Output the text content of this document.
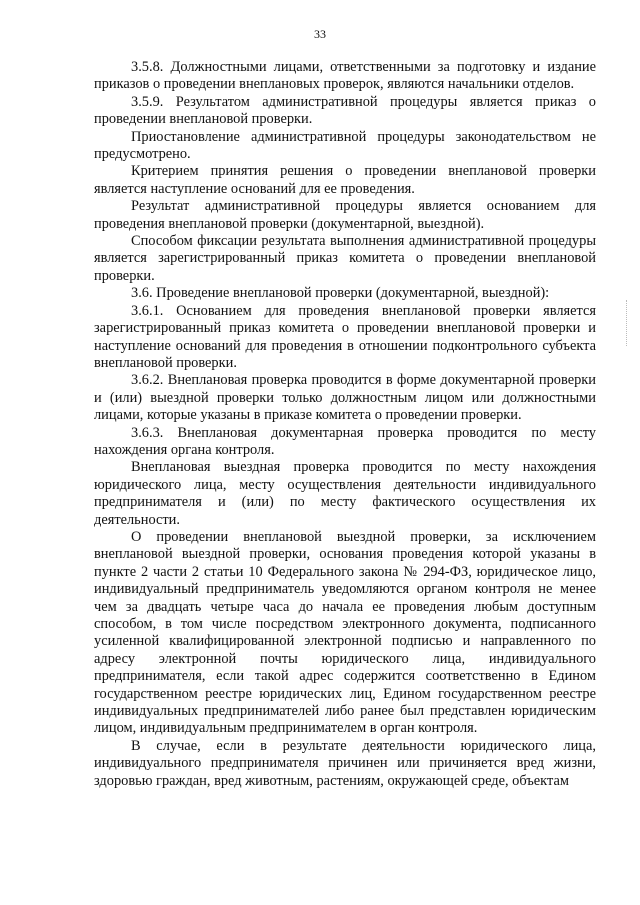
33

3.5.8. Должностными лицами, ответственными за подготовку и издание приказов о проведении внеплановых проверок, являются начальники отделов.

3.5.9. Результатом административной процедуры является приказ о проведении внеплановой проверки.

Приостановление административной процедуры законодательством не предусмотрено.

Критерием принятия решения о проведении внеплановой проверки является наступление оснований для ее проведения.

Результат административной процедуры является основанием для проведения внеплановой проверки (документарной, выездной).

Способом фиксации результата выполнения административной процедуры является зарегистрированный приказ комитета о проведении внеплановой проверки.

3.6. Проведение внеплановой проверки (документарной, выездной):

3.6.1. Основанием для проведения внеплановой проверки является зарегистрированный приказ комитета о проведении внеплановой проверки и наступление оснований для проведения в отношении подконтрольного субъекта внеплановой проверки.

3.6.2. Внеплановая проверка проводится в форме документарной проверки и (или) выездной проверки только должностным лицом или должностными лицами, которые указаны в приказе комитета о проведении проверки.

3.6.3. Внеплановая документарная проверка проводится по месту нахождения органа контроля.

Внеплановая выездная проверка проводится по месту нахождения юридического лица, месту осуществления деятельности индивидуального предпринимателя и (или) по месту фактического осуществления их деятельности.

О проведении внеплановой выездной проверки, за исключением внеплановой выездной проверки, основания проведения которой указаны в пункте 2 части 2 статьи 10 Федерального закона № 294-ФЗ, юридическое лицо, индивидуальный предприниматель уведомляются органом контроля не менее чем за двадцать четыре часа до начала ее проведения любым доступным способом, в том числе посредством электронного документа, подписанного усиленной квалифицированной электронной подписью и направленного по адресу электронной почты юридического лица, индивидуального предпринимателя, если такой адрес содержится соответственно в Едином государственном реестре юридических лиц, Едином государственном реестре индивидуальных предпринимателей либо ранее был представлен юридическим лицом, индивидуальным предпринимателем в орган контроля.

В случае, если в результате деятельности юридического лица, индивидуального предпринимателя причинен или причиняется вред жизни, здоровью граждан, вред животным, растениям, окружающей среде, объектам
